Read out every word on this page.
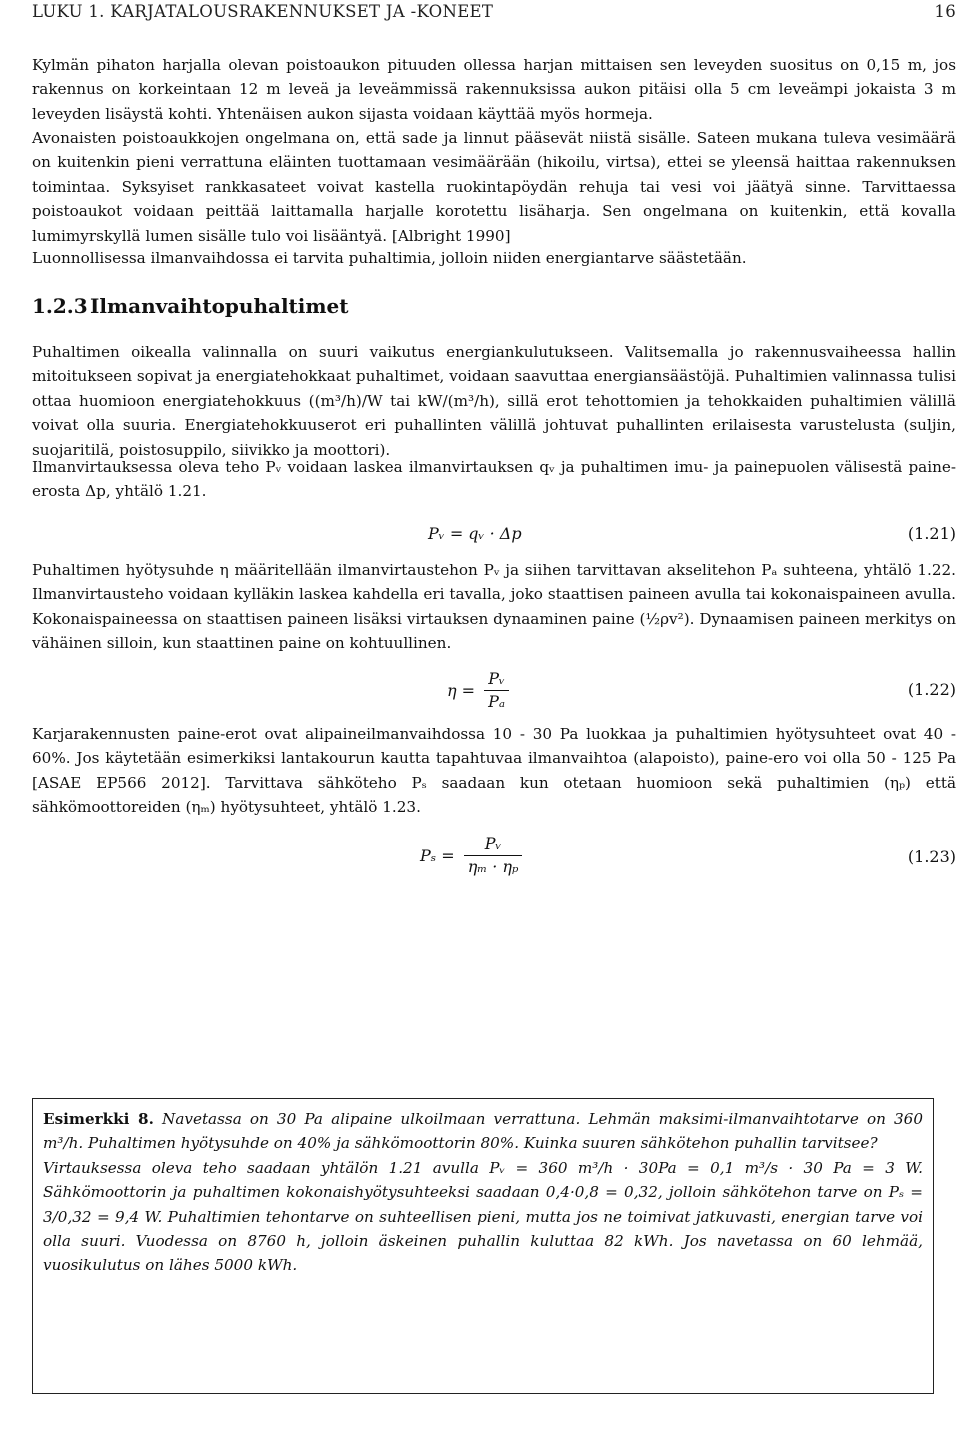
LUKU 1. KARJATALOUSRAKENNUKSET JA -KONEET	16

Kylmän pihaton harjalla olevan poistoaukon pituuden ollessa harjan mittaisen sen leveyden suositus on 0,15 m, jos rakennus on korkeintaan 12 m leveä ja leveämmissä rakennuksissa aukon pitäisi olla 5 cm leveämpi jokaista 3 m leveyden lisäystä kohti. Yhtenäisen aukon sijasta voidaan käyttää myös hormeja.

Avonaisten poistoaukkojen ongelmana on, että sade ja linnut pääsevät niistä sisälle. Sateen mukana tuleva vesimäärä on kuitenkin pieni verrattuna eläinten tuottamaan vesimäärään (hikoilu, virtsa), ettei se yleensä haittaa rakennuksen toimintaa. Syksyiset rankkasateet voivat kastella ruokintapöydän rehuja tai vesi voi jäätyä sinne. Tarvittaessa poistoaukot voidaan peittää laittamalla harjalle korotettu lisäharja. Sen ongelmana on kuitenkin, että kovalla lumimyrskyllä lumen sisälle tulo voi lisääntyä. [Albright 1990]

Luonnollisessa ilmanvaihdossa ei tarvita puhaltimia, jolloin niiden energiantarve säästetään.

1.2.3 Ilmanvaihtopuhaltimet

Puhaltimen oikealla valinnalla on suuri vaikutus energiankulutukseen. Valitsemalla jo rakennusvaiheessa hallin mitoitukseen sopivat ja energiatehokkaat puhaltimet, voidaan saavuttaa energiansäästöjä. Puhaltimien valinnassa tulisi ottaa huomioon energiatehokkuus ((m³/h)/W tai kW/(m³/h), sillä erot tehottomien ja tehokkaiden puhaltimien välillä voivat olla suuria. Energiatehokkuuserot eri puhallinten välillä johtuvat puhallinten erilaisesta varustelusta (suljin, suojaritilä, poistosuppilo, siivikko ja moottori).

Ilmanvirtauksessa oleva teho Pᵥ voidaan laskea ilmanvirtauksen qᵥ ja puhaltimen imu- ja painepuolen välisestä paine-erosta Δp, yhtälö 1.21.

Pᵥ = qᵥ · Δp	(1.21)

Puhaltimen hyötysuhde η määritellään ilmanvirtaustehon Pᵥ ja siihen tarvittavan akselitehon Pₐ suhteena, yhtälö 1.22. Ilmanvirtausteho voidaan kylläkin laskea kahdella eri tavalla, joko staattisen paineen avulla tai kokonaispaineen avulla. Kokonaispaineessa on staattisen paineen lisäksi virtauksen dynaaminen paine (½ρv²). Dynaamisen paineen merkitys on vähäinen silloin, kun staattinen paine on kohtuullinen.

$\eta = \frac{\text{Pᵥ}}{\text{Pₐ}}$	(1.22)

Karjarakennusten paine-erot ovat alipaineilmanvaihdossa 10 - 30 Pa luokkaa ja puhaltimien hyötysuhteet ovat 40 - 60%. Jos käytetään esimerkiksi lantakourun kautta tapahtuvaa ilmanvaihtoa (alapoisto), paine-ero voi olla 50 - 125 Pa [ASAE EP566 2012]. Tarvittava sähköteho Pₛ saadaan kun otetaan huomioon sekä puhaltimien (ηₚ) että sähkömoottoreiden (ηₘ) hyötysuhteet, yhtälö 1.23.

$P_s = \frac{\text{Pᵥ}}{\text{ηₘ · ηₚ}}$	(1.23)

Esimerkki 8. Navetassa on 30 Pa alipaine ulkoilmaan verrattuna. Lehmän maksimi-ilmanvaihtotarve on 360 m³/h. Puhaltimen hyötysuhde on 40% ja sähkömoottorin 80%. Kuinka suuren sähkötehon puhallin tarvitsee?

Virtauksessa oleva teho saadaan yhtälön 1.21 avulla Pᵥ = 360 m³/h · 30Pa = 0,1 m³/s · 30 Pa = 3 W. Sähkömoottorin ja puhaltimen kokonaishyötysuhteeksi saadaan 0,4·0,8 = 0,32, jolloin sähkötehon tarve on Pₛ = 3/0,32 = 9,4 W. Puhaltimien tehontarve on suhteellisen pieni, mutta jos ne toimivat jatkuvasti, energian tarve voi olla suuri. Vuodessa on 8760 h, jolloin äskeinen puhallin kuluttaa 82 kWh. Jos navetassa on 60 lehmää, vuosikulutus on lähes 5000 kWh.
